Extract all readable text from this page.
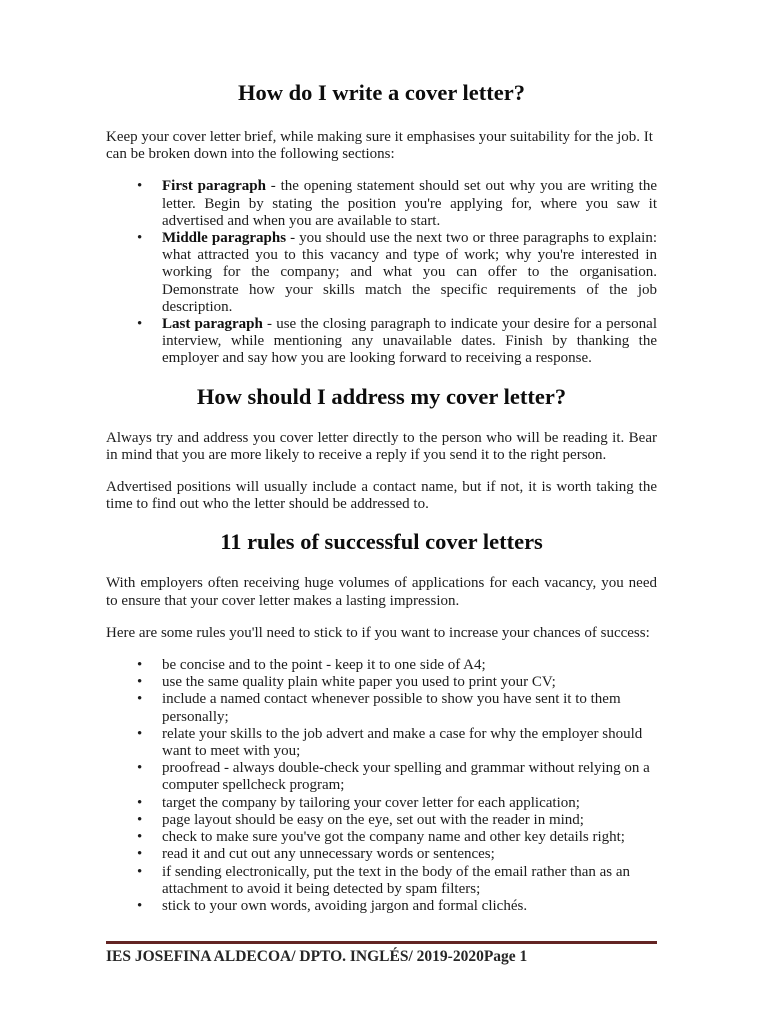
How do I write a cover letter?

Keep your cover letter brief, while making sure it emphasises your suitability for the job. It can be broken down into the following sections:

• First paragraph - the opening statement should set out why you are writing the letter. Begin by stating the position you're applying for, where you saw it advertised and when you are available to start.
• Middle paragraphs - you should use the next two or three paragraphs to explain: what attracted you to this vacancy and type of work; why you're interested in working for the company; and what you can offer to the organisation. Demonstrate how your skills match the specific requirements of the job description.
• Last paragraph - use the closing paragraph to indicate your desire for a personal interview, while mentioning any unavailable dates. Finish by thanking the employer and say how you are looking forward to receiving a response.
How should I address my cover letter?

Always try and address you cover letter directly to the person who will be reading it. Bear in mind that you are more likely to receive a reply if you send it to the right person.

Advertised positions will usually include a contact name, but if not, it is worth taking the time to find out who the letter should be addressed to.

11 rules of successful cover letters

With employers often receiving huge volumes of applications for each vacancy, you need to ensure that your cover letter makes a lasting impression.

Here are some rules you'll need to stick to if you want to increase your chances of success:

• be concise and to the point - keep it to one side of A4;
• use the same quality plain white paper you used to print your CV;
• include a named contact whenever possible to show you have sent it to them personally;
• relate your skills to the job advert and make a case for why the employer should want to meet with you;
• proofread - always double-check your spelling and grammar without relying on a computer spellcheck program;
• target the company by tailoring your cover letter for each application;
• page layout should be easy on the eye, set out with the reader in mind;
• check to make sure you've got the company name and other key details right;
• read it and cut out any unnecessary words or sentences;
• if sending electronically, put the text in the body of the email rather than as an attachment to avoid it being detected by spam filters;
• stick to your own words, avoiding jargon and formal clichés.
IES JOSEFINA ALDECOA/ DPTO. INGLÉS/ 2019-2020Page 1
